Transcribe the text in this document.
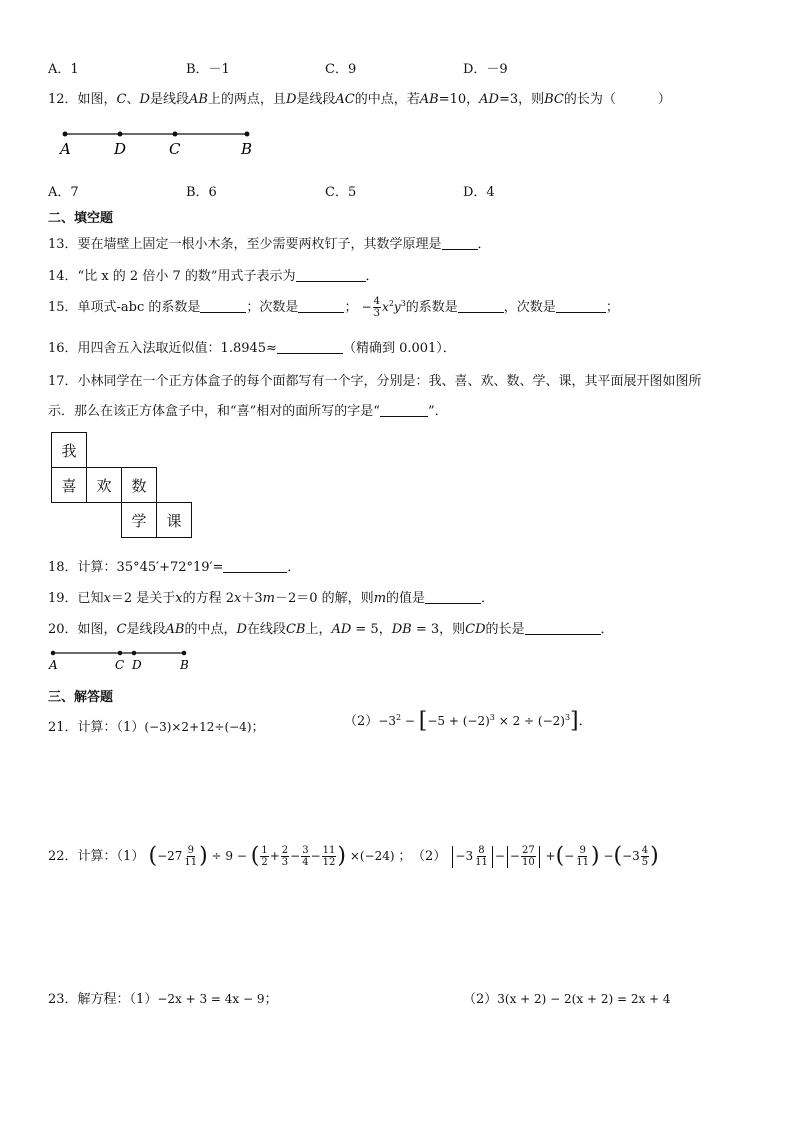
A．1	B．－1	C．9	D．－9
12．如图，C、D是线段AB上的两点，且D是线段AC的中点，若AB=10，AD=3，则BC的长为（	）
A	D	C	B
A．7	B．6	C．5	D．4
二、填空题
13．要在墙壁上固定一根小木条，至少需要两枚钉子，其数学原理是	．
14．“比 x 的 2 倍小 7 的数”用式子表示为	．
15．单项式-abc 的系数是	；次数是	； − $\frac{4}{3} x^2y^3$的系数是	，次数是	；
16．用四舍五入法取近似值：1.8945≈	（精确到 0.001）．
17．小林同学在一个正方体盒子的每个面都写有一个字，分别是：我、喜、欢、数、学、课，其平面展开图如图所
示．那么在该正方体盒子中，和“喜”相对的面所写的字是“	”．
我
喜	欢	数
学	课
18．计算：35°45′+72°19′=	．
19．已知x＝2 是关于x的方程 2x＋3m－2＝0 的解，则m的值是	．
20．如图，C是线段AB的中点，D在线段CB上，AD = 5，DB = 3，则CD的长是	．
A	C D	B
三、解答题
21．计算：（1）(−3)×2+12÷(−4)；	$(2)-3^2 - [-5 + (-2)^3 \times 2 \div (-2)^3]$．
22．计算：（1） ($-27 \frac{9}{11}$ ) ÷ 9 − ( $\frac{1}{2} + \frac{2}{3} - \frac{3}{4} - \frac{11}{12}$ ) ×(−24) ； $(2) -3 \frac{8}{11}$ − − $\frac{27}{10}$ +(− $\frac{9}{11}$ ) $-(-3 \frac{4}{5}$ )
23．解方程：（1）−2x + 3 = 4x − 9；	（2）3(x + 2) − 2(x + 2) = 2x + 4
